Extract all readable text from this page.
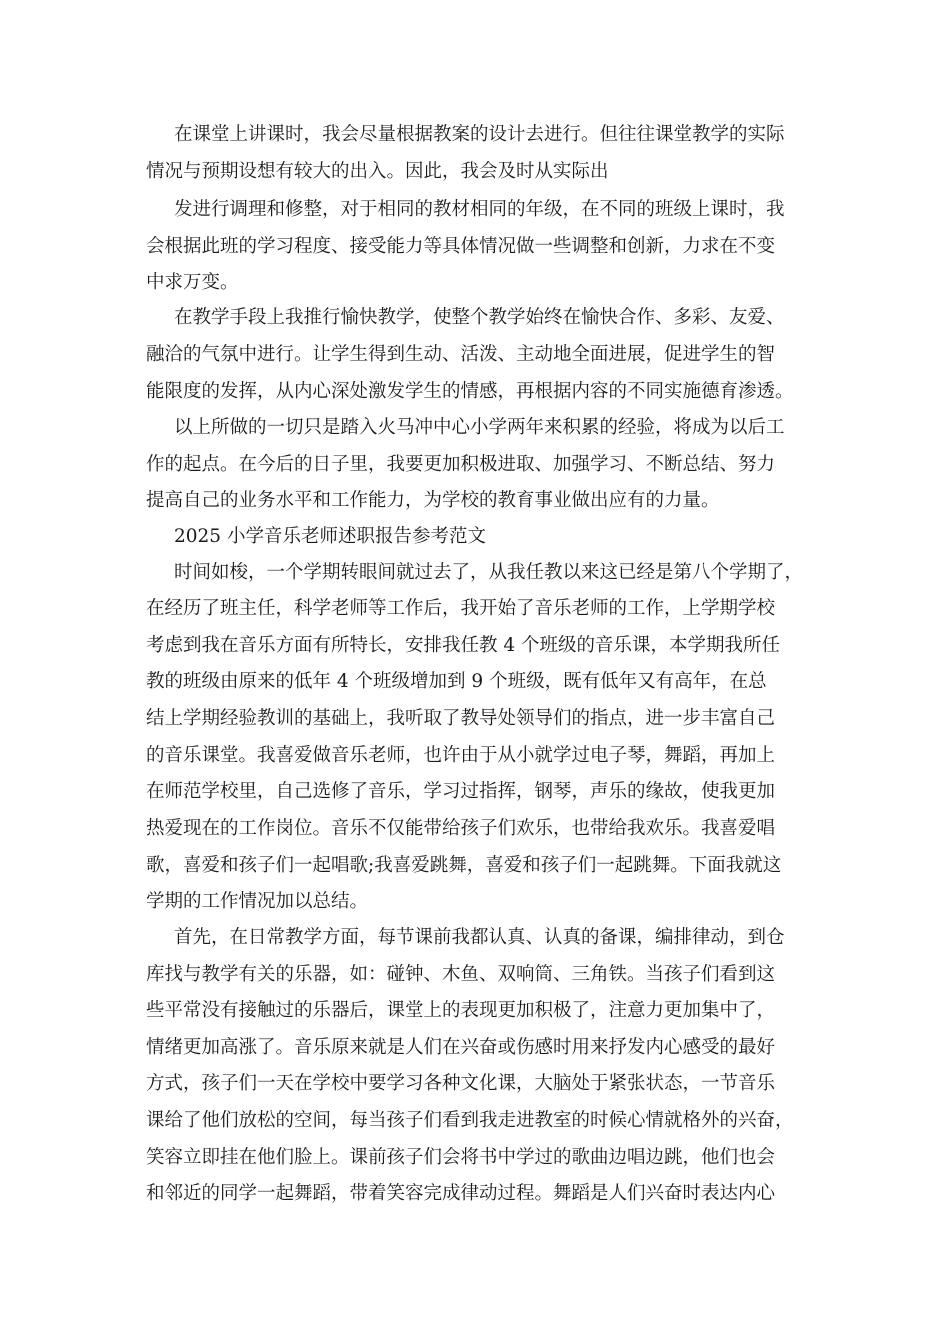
在课堂上讲课时，我会尽量根据教案的设计去进行。但往往课堂教学的实际
情况与预期设想有较大的出入。因此，我会及时从实际出
发进行调理和修整，对于相同的教材相同的年级，在不同的班级上课时，我
会根据此班的学习程度、接受能力等具体情况做一些调整和创新，力求在不变
中求万变。
在教学手段上我推行愉快教学，使整个教学始终在愉快合作、多彩、友爱、
融洽的气氛中进行。让学生得到生动、活泼、主动地全面进展，促进学生的智
能限度的发挥，从内心深处激发学生的情感，再根据内容的不同实施德育渗透。
以上所做的一切只是踏入火马冲中心小学两年来积累的经验，将成为以后工
作的起点。在今后的日子里，我要更加积极进取、加强学习、不断总结、努力
提高自己的业务水平和工作能力，为学校的教育事业做出应有的力量。
2025 小学音乐老师述职报告参考范文
时间如梭，一个学期转眼间就过去了，从我任教以来这已经是第八个学期了，
在经历了班主任，科学老师等工作后，我开始了音乐老师的工作，上学期学校
考虑到我在音乐方面有所特长，安排我任教 4 个班级的音乐课，本学期我所任
教的班级由原来的低年 4 个班级增加到 9 个班级，既有低年又有高年，在总
结上学期经验教训的基础上，我听取了教导处领导们的指点，进一步丰富自己
的音乐课堂。我喜爱做音乐老师，也许由于从小就学过电子琴，舞蹈，再加上
在师范学校里，自己选修了音乐，学习过指挥，钢琴，声乐的缘故，使我更加
热爱现在的工作岗位。音乐不仅能带给孩子们欢乐，也带给我欢乐。我喜爱唱
歌，喜爱和孩子们一起唱歌;我喜爱跳舞，喜爱和孩子们一起跳舞。下面我就这
学期的工作情况加以总结。
首先，在日常教学方面，每节课前我都认真、认真的备课，编排律动，到仓
库找与教学有关的乐器，如：碰钟、木鱼、双响筒、三角铁。当孩子们看到这
些平常没有接触过的乐器后，课堂上的表现更加积极了，注意力更加集中了，
情绪更加高涨了。音乐原来就是人们在兴奋或伤感时用来抒发内心感受的最好
方式，孩子们一天在学校中要学习各种文化课，大脑处于紧张状态，一节音乐
课给了他们放松的空间，每当孩子们看到我走进教室的时候心情就格外的兴奋，
笑容立即挂在他们脸上。课前孩子们会将书中学过的歌曲边唱边跳，他们也会
和邻近的同学一起舞蹈，带着笑容完成律动过程。舞蹈是人们兴奋时表达内心
